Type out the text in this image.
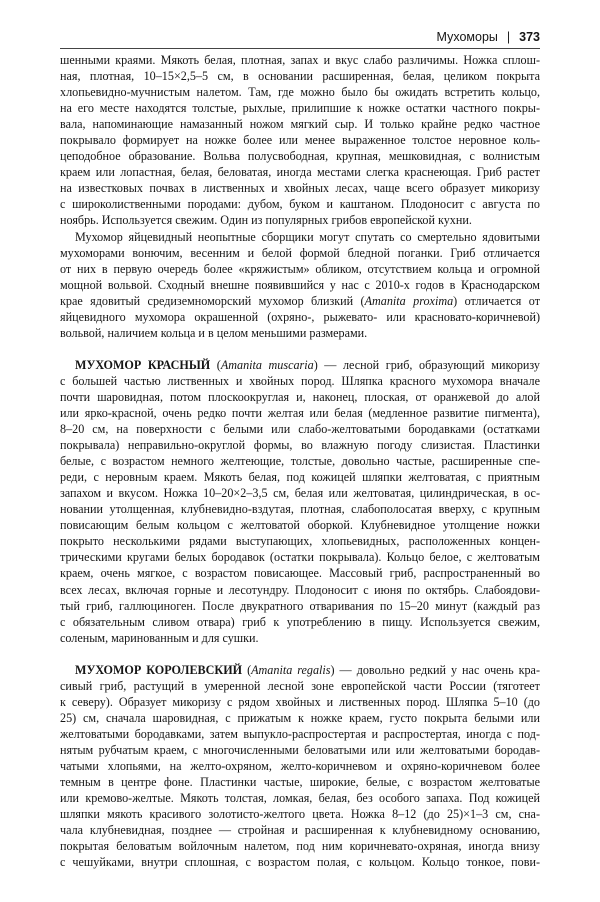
Мухоморы | 373
шенными краями. Мякоть белая, плотная, запах и вкус слабо различимы. Ножка сплош-
ная, плотная, 10–15×2,5–5 см, в основании расширенная, белая, целиком покрыта
хлопьевидно-мучнистым налетом. Там, где можно было бы ожидать встретить кольцо,
на его месте находятся толстые, рыхлые, прилипшие к ножке остатки частного покры-
вала, напоминающие намазанный ножом мягкий сыр. И только крайне редко частное
покрывало формирует на ножке более или менее выраженное толстое неровное коль-
цеподобное образование. Вольва полусвободная, крупная, мешковидная, с волнистым
краем или лопастная, белая, беловатая, иногда местами слегка краснеющая. Гриб растет
на известковых почвах в лиственных и хвойных лесах, чаще всего образует микоризу
с широколиственными породами: дубом, буком и каштаном. Плодоносит с августа по
ноябрь. Используется свежим. Один из популярных грибов европейской кухни.
Мухомор яйцевидный неопытные сборщики могут спутать со смертельно ядовитыми
мухоморами вонючим, весенним и белой формой бледной поганки. Гриб отличается
от них в первую очередь более «кряжистым» обликом, отсутствием кольца и огромной
мощной вольвой. Сходный внешне появившийся у нас с 2010-х годов в Краснодарском
крае ядовитый средиземноморский мухомор близкий (Amanita proxima) отличается от
яйцевидного мухомора окрашенной (охряно-, рыжевато- или красновато-коричневой)
вольвой, наличием кольца и в целом меньшими размерами.
МУХОМОР КРАСНЫЙ (Amanita muscaria) — лесной гриб, образующий микоризу
с большей частью лиственных и хвойных пород. Шляпка красного мухомора вначале
почти шаровидная, потом плоскоокруглая и, наконец, плоская, от оранжевой до алой
или ярко-красной, очень редко почти желтая или белая (медленное развитие пигмента),
8–20 см, на поверхности с белыми или слабо-желтоватыми бородавками (остатками
покрывала) неправильно-округлой формы, во влажную погоду слизистая. Пластинки
белые, с возрастом немного желтеющие, толстые, довольно частые, расширенные спе-
реди, с неровным краем. Мякоть белая, под кожицей шляпки желтоватая, с приятным
запахом и вкусом. Ножка 10–20×2–3,5 см, белая или желтоватая, цилиндрическая, в ос-
новании утолщенная, клубневидно-вздутая, плотная, слабополосатая вверху, с крупным
повисающим белым кольцом с желтоватой оборкой. Клубневидное утолщение ножки
покрыто несколькими рядами выступающих, хлопьевидных, расположенных концен-
трическими кругами белых бородавок (остатки покрывала). Кольцо белое, с желтоватым
краем, очень мягкое, с возрастом повисающее. Массовый гриб, распространенный во
всех лесах, включая горные и лесотундру. Плодоносит с июня по октябрь. Слабоядови-
тый гриб, галлюциноген. После двукратного отваривания по 15–20 минут (каждый раз
с обязательным сливом отвара) гриб к употреблению в пищу. Используется свежим,
соленым, маринованным и для сушки.
МУХОМОР КОРОЛЕВСКИЙ (Amanita regalis) — довольно редкий у нас очень кра-
сивый гриб, растущий в умеренной лесной зоне европейской части России (тяготеет
к северу). Образует микоризу с рядом хвойных и лиственных пород. Шляпка 5–10 (до
25) см, сначала шаровидная, с прижатым к ножке краем, густо покрыта белыми или
желтоватыми бородавками, затем выпукло-распростертая и распростертая, иногда с под-
нятым рубчатым краем, с многочисленными беловатыми или или желтоватыми бородав-
чатыми хлопьями, на желто-охряном, желто-коричневом и охряно-коричневом более
темным в центре фоне. Пластинки частые, широкие, белые, с возрастом желтоватые
или кремово-желтые. Мякоть толстая, ломкая, белая, без особого запаха. Под кожицей
шляпки мякоть красивого золотисто-желтого цвета. Ножка 8–12 (до 25)×1–3 см, сна-
чала клубневидная, позднее — стройная и расширенная к клубневидному основанию,
покрытая беловатым войлочным налетом, под ним коричневато-охряная, иногда внизу
с чешуйками, внутри сплошная, с возрастом полая, с кольцом. Кольцо тонкое, пови-
